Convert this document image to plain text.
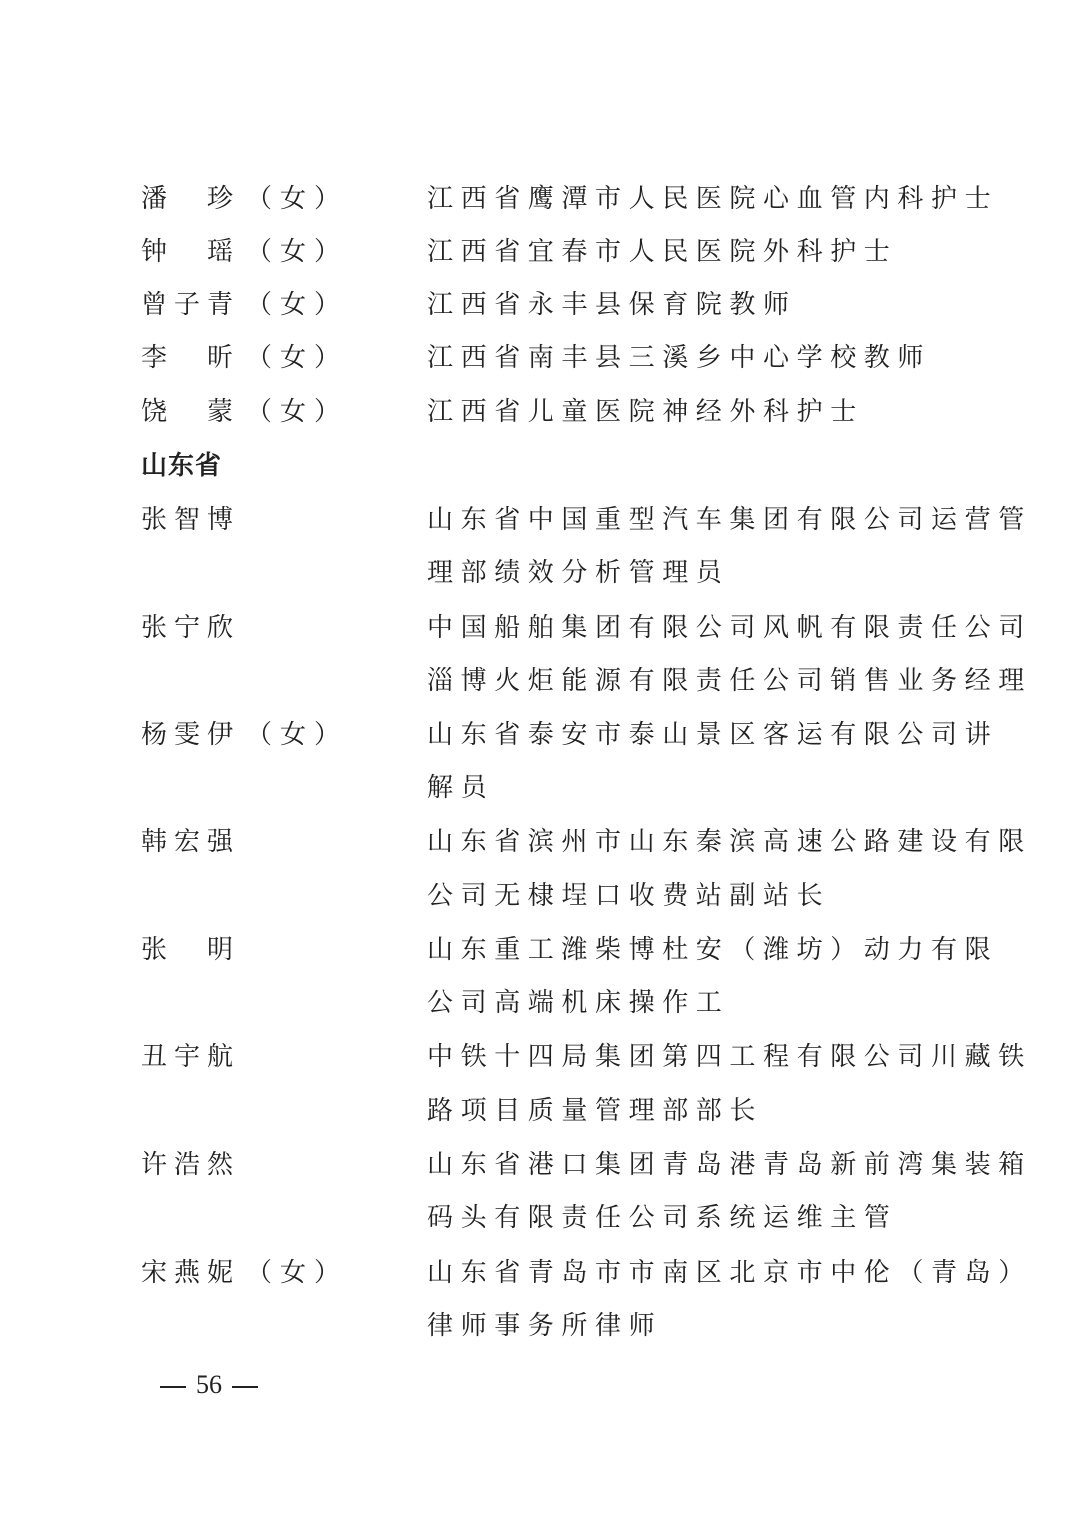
潘　珍 （女）	江西省鹰潭市人民医院心血管内科护士
钟　瑶 （女）	江西省宜春市人民医院外科护士
曾子青 （女）	江西省永丰县保育院教师
李　昕 （女）	江西省南丰县三溪乡中心学校教师
饶　蒙 （女）	江西省儿童医院神经外科护士
山东省
张智博	山东省中国重型汽车集团有限公司运营管
理部绩效分析管理员
张宁欣	中国船舶集团有限公司风帆有限责任公司
淄博火炬能源有限责任公司销售业务经理
杨雯伊 （女）	山东省泰安市泰山景区客运有限公司讲
解员
韩宏强	山东省滨州市山东秦滨高速公路建设有限
公司无棣埕口收费站副站长
张　明	山东重工潍柴博杜安（潍坊）动力有限
公司高端机床操作工
丑宇航	中铁十四局集团第四工程有限公司川藏铁
路项目质量管理部部长
许浩然	山东省港口集团青岛港青岛新前湾集装箱
码头有限责任公司系统运维主管
宋燕妮 （女）	山东省青岛市市南区北京市中伦（青岛）
律师事务所律师
56
